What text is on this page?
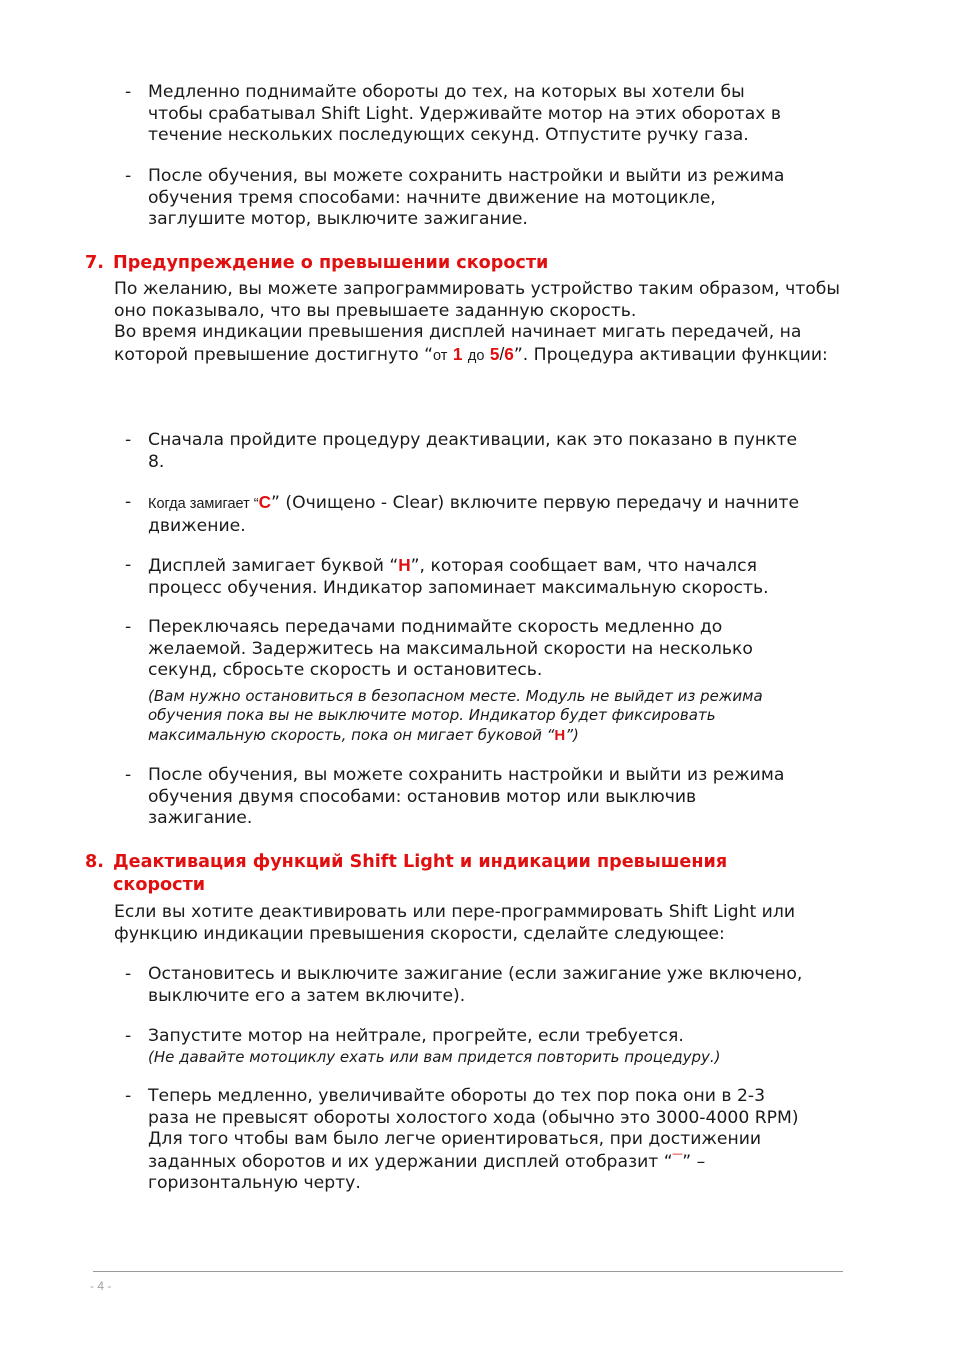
- Медленно поднимайте обороты до тех, на которых вы хотели бы чтобы срабатывал Shift Light. Удерживайте мотор на этих оборотах в течение нескольких последующих секунд. Отпустите ручку газа.
- После обучения, вы можете сохранить настройки и выйти из режима обучения тремя способами: начните движение на мотоцикле, заглушите мотор, выключите зажигание.
7. Предупреждение о превышении скорости
По желанию, вы можете запрограммировать устройство таким образом, чтобы оно показывало, что вы превышаете заданную скорость.
Во время индикации превышения дисплей начинает мигать передачей, на которой превышение достигнуто “от 1 до 5/6”. Процедура активации функции:
- Сначала пройдите процедуру деактивации, как это показано в пункте 8.
- Когда замигает “C” (Очищено - Clear) включите первую передачу и начните движение.
- Дисплей замигает буквой “H”, которая сообщает вам, что начался процесс обучения. Индикатор запоминает максимальную скорость.
- Переключаясь передачами поднимайте скорость медленно до желаемой. Задержитесь на максимальной скорости на несколько секунд, сбросьте скорость и остановитесь.
(Вам нужно остановиться в безопасном месте. Модуль не выйдет из режима обучения пока вы не выключите мотор. Индикатор будет фиксировать максимальную скорость, пока он мигает буковой “H”)
- После обучения, вы можете сохранить настройки и выйти из режима обучения двумя способами: остановив мотор или выключив зажигание.
8. Деактивация функций Shift Light и индикации превышения скорости
Если вы хотите деактивировать или пере-программировать Shift Light или функцию индикации превышения скорости, сделайте следующее:
- Остановитесь и выключите зажигание (если зажигание уже включено, выключите его а затем включите).
- Запустите мотор на нейтрале, прогрейте, если требуется.
(Не давайте мотоциклу ехать или вам придется повторить процедуру.)
- Теперь медленно, увеличивайте обороты до тех пор пока они в 2-3 раза не превысят обороты холостого хода (обычно это 3000-4000 RPM)
Для того чтобы вам было легче ориентироваться, при достижении заданных оборотов и их удержании дисплей отобразит “¯” – горизонтальную черту.
- 4 -
